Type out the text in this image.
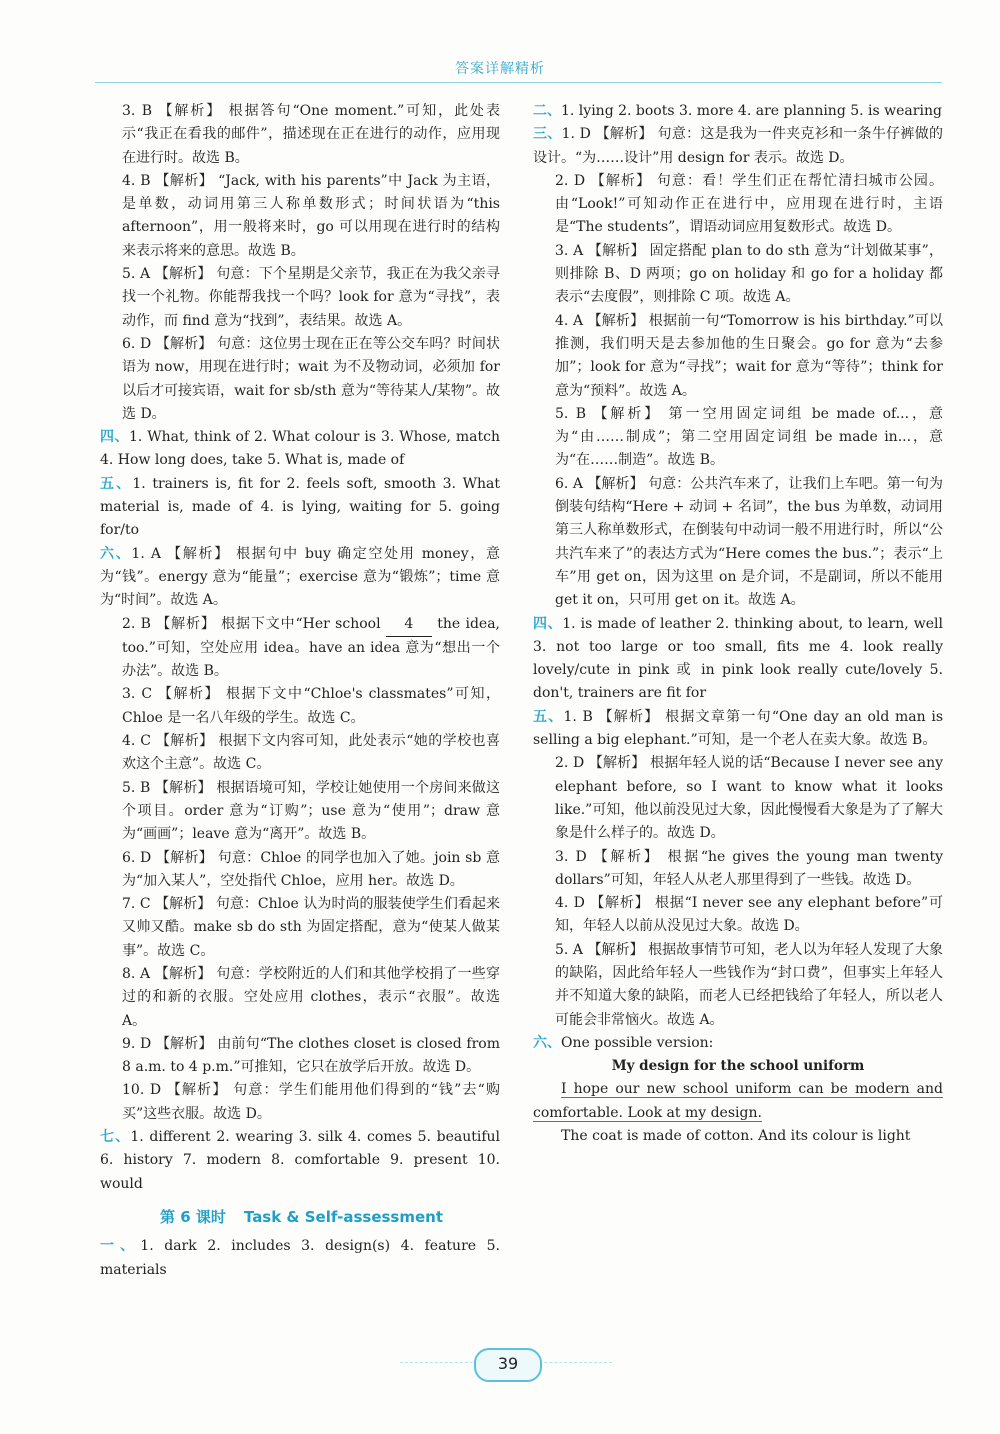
答案详解精析

3. B 【解析】 根据答句“One moment.”可知，此处表示“我正在看我的邮件”，描述现在正在进行的动作，应用现在进行时。故选 B。

4. B 【解析】 “Jack, with his parents”中 Jack 为主语，是单数，动词用第三人称单数形式；时间状语为“this afternoon”，用一般将来时，go 可以用现在进行时的结构来表示将来的意思。故选 B。

5. A 【解析】 句意：下个星期是父亲节，我正在为我父亲寻找一个礼物。你能帮我找一个吗？look for 意为“寻找”，表动作，而 find 意为“找到”，表结果。故选 A。

6. D 【解析】 句意：这位男士现在正在等公交车吗？时间状语为 now，用现在进行时；wait 为不及物动词，必须加 for 以后才可接宾语，wait for sb/sth 意为“等待某人/某物”。故选 D。

四、1. What, think of 2. What colour is 3. Whose, match 4. How long does, take 5. What is, made of

五、1. trainers is, fit for 2. feels soft, smooth 3. What material is, made of 4. is lying, waiting for 5. going for/to

六、1. A 【解析】 根据句中 buy 确定空处用 money，意为“钱”。energy 意为“能量”；exercise 意为“锻炼”；time 意为“时间”。故选 A。

2. B 【解析】 根据下文中“Her school 4 the idea, too.”可知，空处应用 idea。have an idea 意为“想出一个办法”。故选 B。

3. C 【解析】 根据下文中“Chloe's classmates”可知，Chloe 是一名八年级的学生。故选 C。

4. C 【解析】 根据下文内容可知，此处表示“她的学校也喜欢这个主意”。故选 C。

5. B 【解析】 根据语境可知，学校让她使用一个房间来做这个项目。order 意为“订购”；use 意为“使用”；draw 意为“画画”；leave 意为“离开”。故选 B。

6. D 【解析】 句意：Chloe 的同学也加入了她。join sb 意为“加入某人”，空处指代 Chloe，应用 her。故选 D。

7. C 【解析】 句意：Chloe 认为时尚的服装使学生们看起来又帅又酷。make sb do sth 为固定搭配，意为“使某人做某事”。故选 C。

8. A 【解析】 句意：学校附近的人们和其他学校捐了一些穿过的和新的衣服。空处应用 clothes，表示“衣服”。故选 A。

9. D 【解析】 由前句“The clothes closet is closed from 8 a.m. to 4 p.m.”可推知，它只在放学后开放。故选 D。

10. D 【解析】 句意：学生们能用他们得到的“钱”去“购买”这些衣服。故选 D。

七、1. different 2. wearing 3. silk 4. comes 5. beautiful 6. history 7. modern 8. comfortable 9. present 10. would

第 6 课时 Task & Self-assessment

一、1. dark 2. includes 3. design(s) 4. feature 5. materials

二、1. lying 2. boots 3. more 4. are planning 5. is wearing

三、1. D 【解析】 句意：这是我为一件夹克衫和一条牛仔裤做的设计。“为……设计”用 design for 表示。故选 D。

2. D 【解析】 句意：看！学生们正在帮忙清扫城市公园。由“Look!”可知动作正在进行中，应用现在进行时，主语是“The students”，谓语动词应用复数形式。故选 D。

3. A 【解析】 固定搭配 plan to do sth 意为“计划做某事”，则排除 B、D 两项；go on holiday 和 go for a holiday 都表示“去度假”，则排除 C 项。故选 A。

4. A 【解析】 根据前一句“Tomorrow is his birthday.”可以推测，我们明天是去参加他的生日聚会。go for 意为“去参加”；look for 意为“寻找”；wait for 意为“等待”；think for 意为“预料”。故选 A。

5. B 【解析】 第一空用固定词组 be made of...，意为“由……制成”；第二空用固定词组 be made in...，意为“在……制造”。故选 B。

6. A 【解析】 句意：公共汽车来了，让我们上车吧。第一句为倒装句结构“Here + 动词 + 名词”，the bus 为单数，动词用第三人称单数形式，在倒装句中动词一般不用进行时，所以“公共汽车来了”的表达方式为“Here comes the bus.”；表示“上车”用 get on，因为这里 on 是介词，不是副词，所以不能用 get it on，只可用 get on it。故选 A。

四、1. is made of leather 2. thinking about, to learn, well 3. not too large or too small, fits me 4. look really lovely/cute in pink 或 in pink look really cute/lovely 5. don't, trainers are fit for

五、1. B 【解析】 根据文章第一句“One day an old man is selling a big elephant.”可知，是一个老人在卖大象。故选 B。

2. D 【解析】 根据年轻人说的话“Because I never see any elephant before, so I want to know what it looks like.”可知，他以前没见过大象，因此慢慢看大象是为了了解大象是什么样子的。故选 D。

3. D 【解析】 根据“he gives the young man twenty dollars”可知，年轻人从老人那里得到了一些钱。故选 D。

4. D 【解析】 根据“I never see any elephant before”可知，年轻人以前从没见过大象。故选 D。

5. A 【解析】 根据故事情节可知，老人以为年轻人发现了大象的缺陷，因此给年轻人一些钱作为“封口费”，但事实上年轻人并不知道大象的缺陷，而老人已经把钱给了年轻人，所以老人可能会非常恼火。故选 A。

六、One possible version:

My design for the school uniform

I hope our new school uniform can be modern and comfortable. Look at my design.

The coat is made of cotton. And its colour is light

39
